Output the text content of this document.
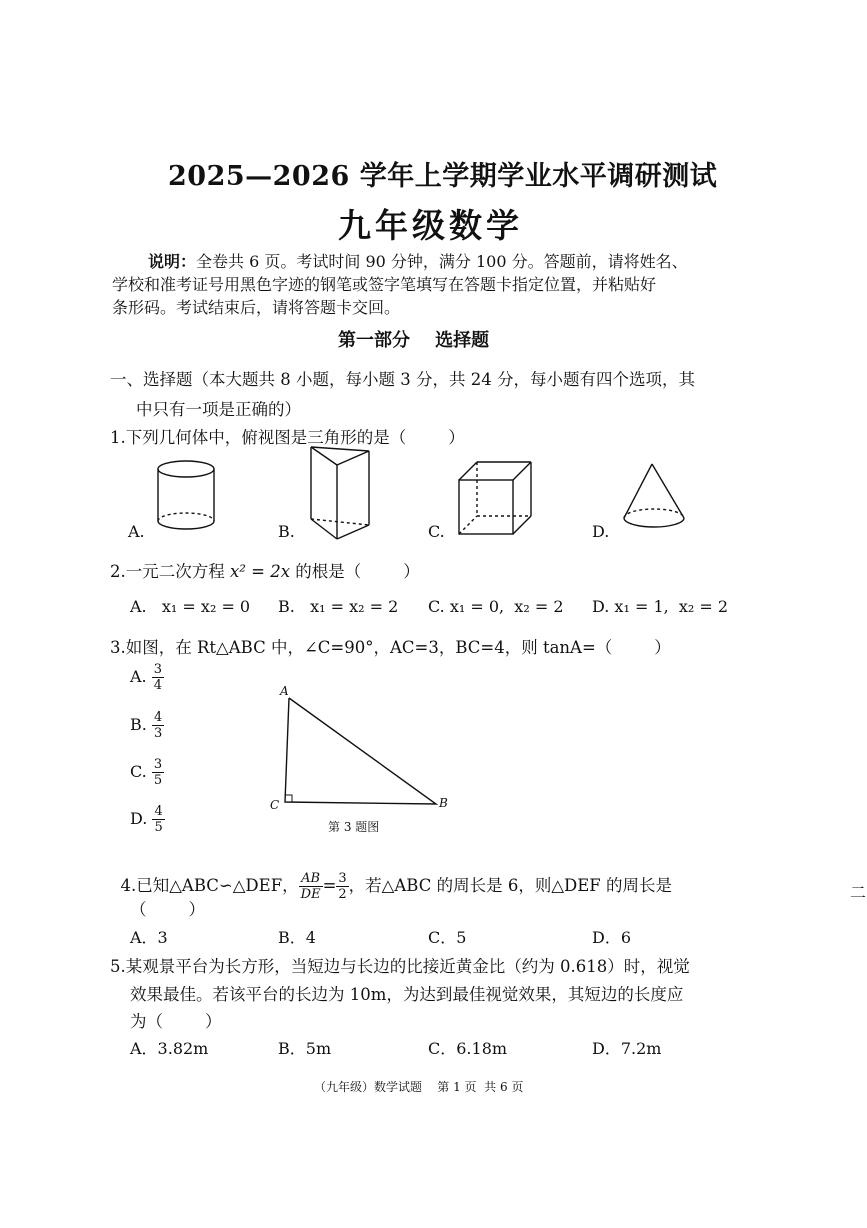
2025—2026 学年上学期学业水平调研测试
九年级数学
说明：全卷共 6 页。考试时间 90 分钟，满分 100 分。答题前，请将姓名、
学校和准考证号用黑色字迹的钢笔或签字笔填写在答题卡指定位置，并粘贴好
条形码。考试结束后，请将答题卡交回。
第一部分    选择题
一、选择题（本大题共 8 小题，每小题 3 分，共 24 分，每小题有四个选项，其
中只有一项是正确的）
1.下列几何体中，俯视图是三角形的是（        ）
A.	B.	C.	D.
2.一元二次方程 x² = 2x 的根是（        ）
A.   x₁ = x₂ = 0 B.   x₁ = x₂ = 2 C. x₁ = 0,  x₂ = 2 D. x₁ = 1,  x₂ = 2
3.如图，在 Rt△ABC 中，∠C=90°，AC=3，BC=4，则 tanA=（        ）
A. $\frac{3}{4}$
B. $\frac{4}{3}$
C. $\frac{3}{5}$
D. $\frac{4}{5}$
A
C	B
第 3 题图

4.已知△ABC∽△DEF， $\frac{AB}{DE} = \frac{3}{2}$ ，若△ABC 的周长是 6，则△DEF 的周长是

（        ）
A．3	B．4	C．5	D．6
5.某观景平台为长方形，当短边与长边的比接近黄金比（约为 0.618）时，视觉
效果最佳。若该平台的长边为 10m，为达到最佳视觉效果，其短边的长度应
为（        ）
A．3.82m	B．5m	C．6.18m	D．7.2m
（九年级）数学试题    第 1 页  共 6 页
二
